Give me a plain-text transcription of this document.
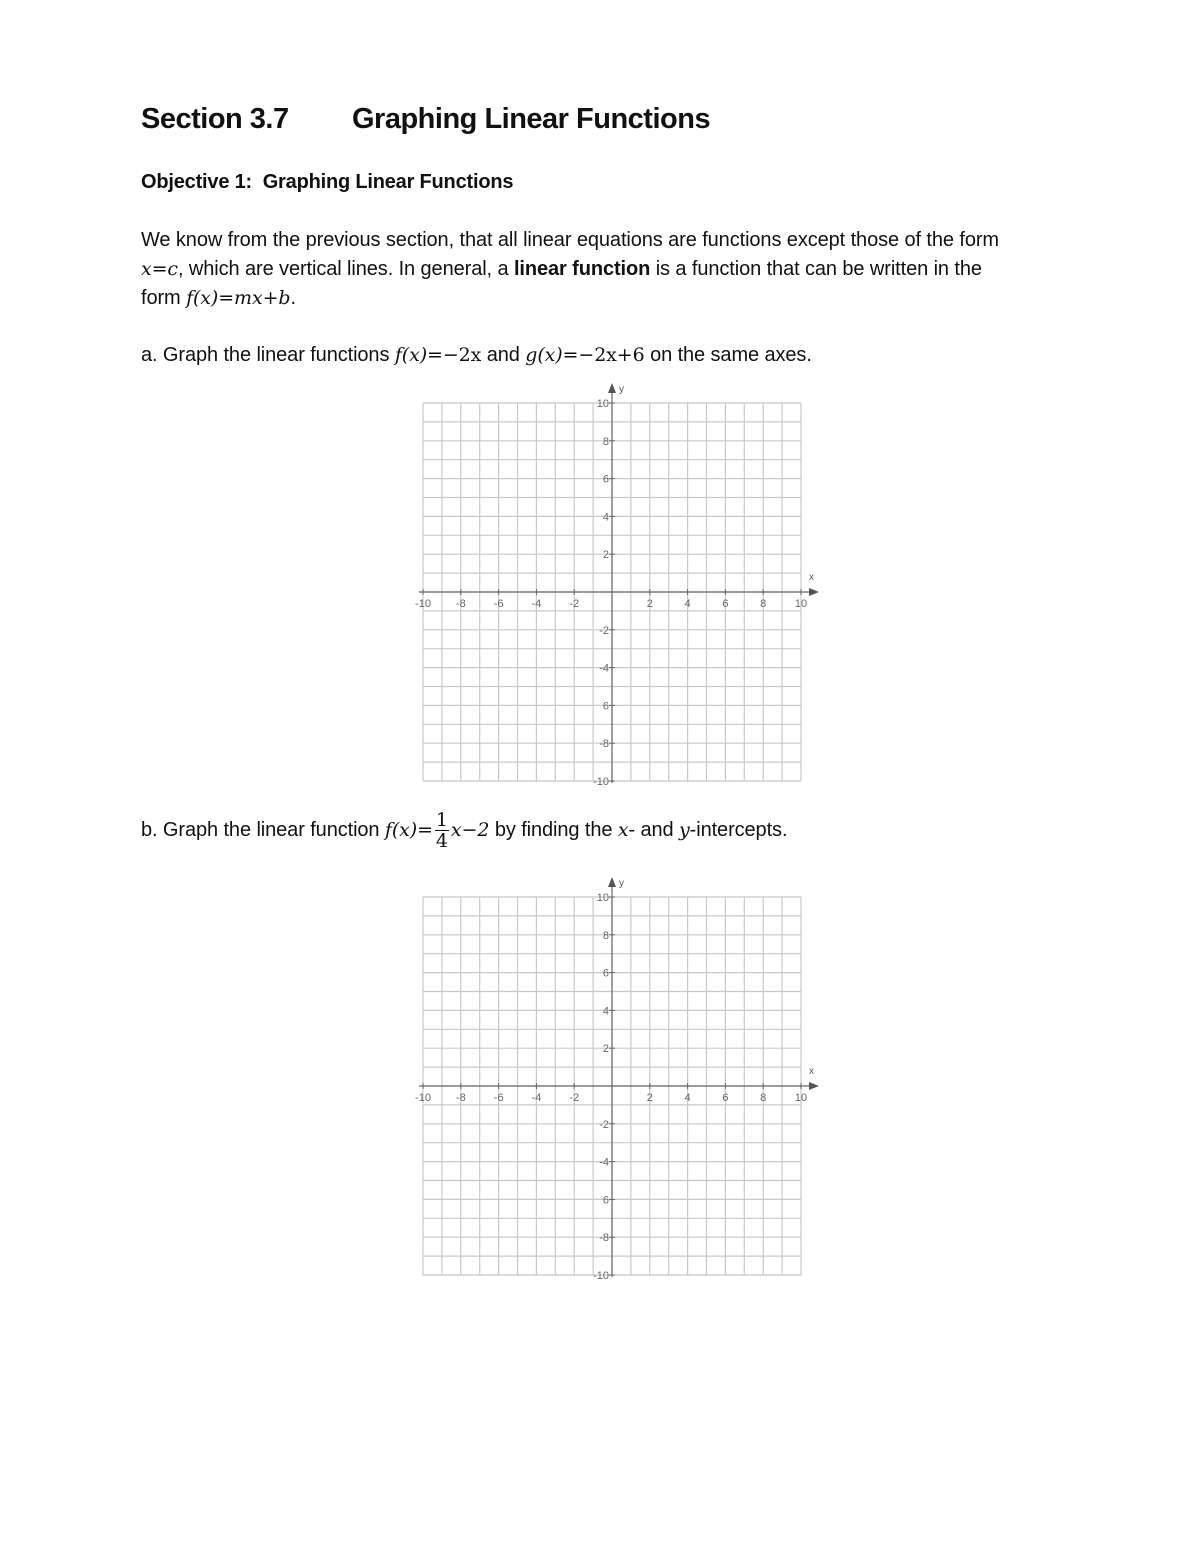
Section 3.7 Graphing Linear Functions
Objective 1: Graphing Linear Functions
We know from the previous section, that all linear equations are functions except those of the form
x=c, which are vertical lines. In general, a linear function is a function that can be written in the
form f(x)=mx+b.
a. Graph the linear functions f(x)=−2x and g(x)=−2x+6 on the same axes.
x
y
-10 -8	-6	-4	-2	2	4	6	8	10
10
8
6
4
2
-2
-4
6
-8
-10
b. Graph the linear function $f(x)= \frac{1}{4} x-2$ by finding the x- and y-intercepts.
x
y
-10 -8	-6	-4	-2	2	4	6	8	10
10
8
6
4
2
-2
-4
6
-8
-10
